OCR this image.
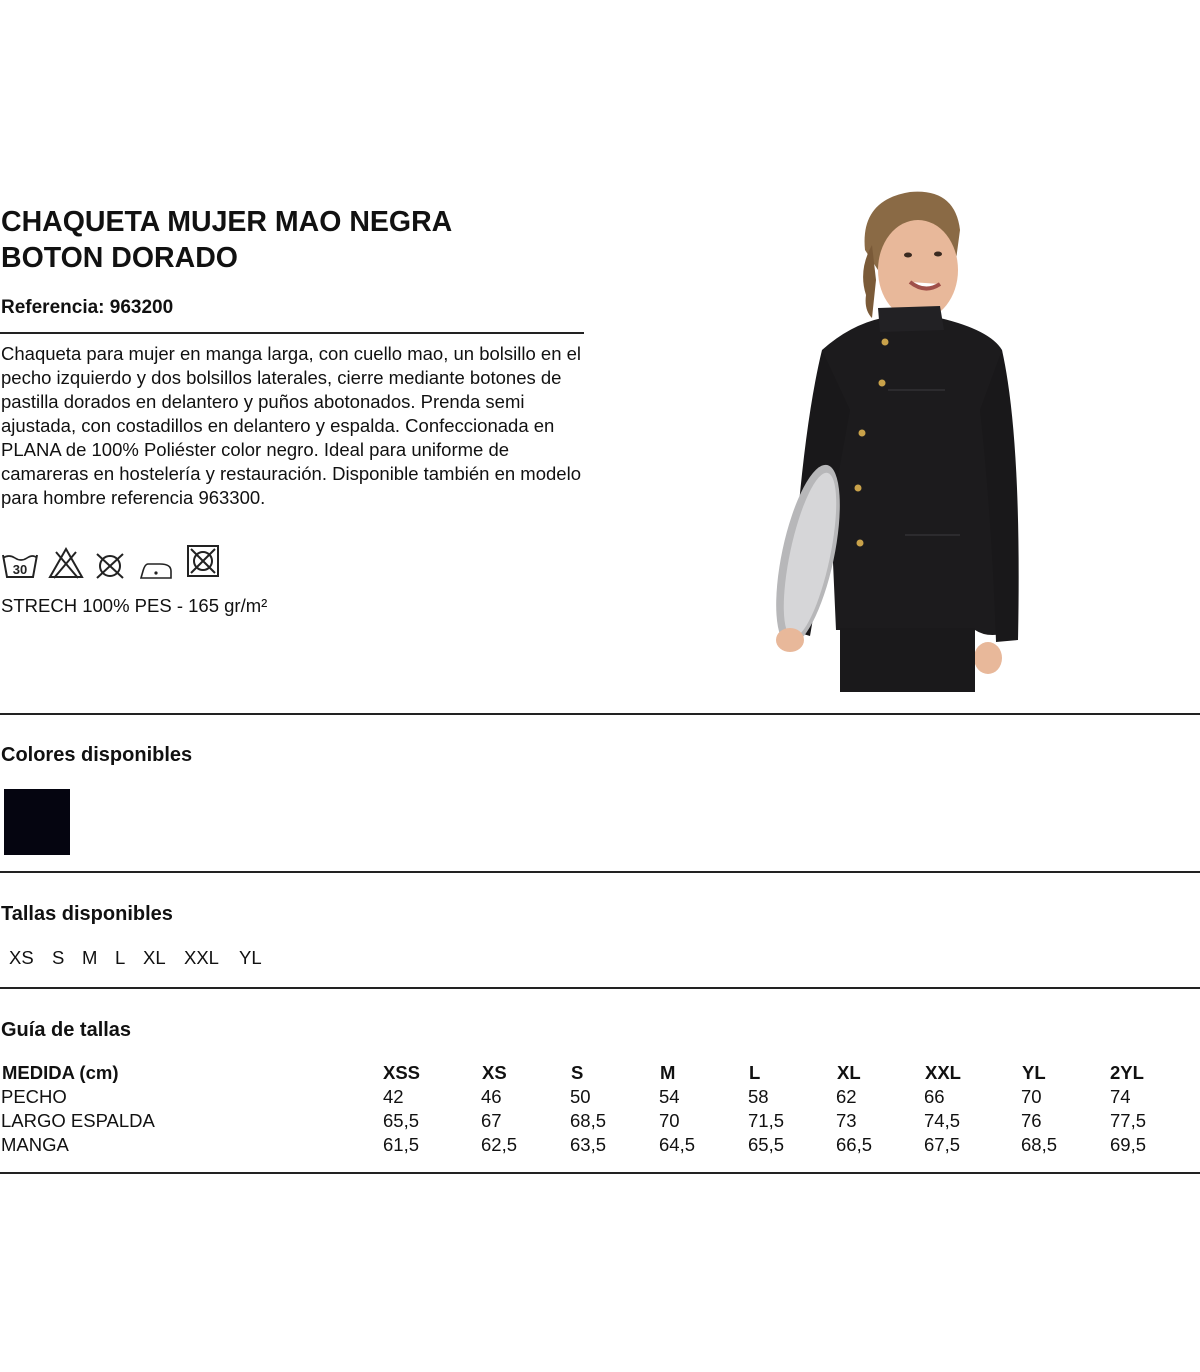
CHAQUETA MUJER MAO NEGRA
BOTON DORADO
Referencia: 963200
Chaqueta para mujer en manga larga, con cuello mao, un bolsillo en el pecho izquierdo y dos bolsillos laterales, cierre mediante botones de pastilla dorados en delantero y puños abotonados. Prenda semi ajustada, con costadillos en delantero y espalda. Confeccionada en PLANA de 100% Poliéster color negro. Ideal para uniforme de camareras en hostelería y restauración. Disponible también en modelo para hombre referencia 963300.
30
STRECH 100% PES - 165 gr/m²
Colores disponibles
Tallas disponibles
XS S M L XL XXL YL
Guía de tallas
MEDIDA (cm)	XSS	XS	S	M	L	XL	XXL	YL	2YL
PECHO	42	46	50	54	58	62	66	70	74
LARGO ESPALDA	65,5	67	68,5	70	71,5	73	74,5	76	77,5
MANGA	61,5	62,5	63,5	64,5	65,5	66,5	67,5	68,5	69,5
